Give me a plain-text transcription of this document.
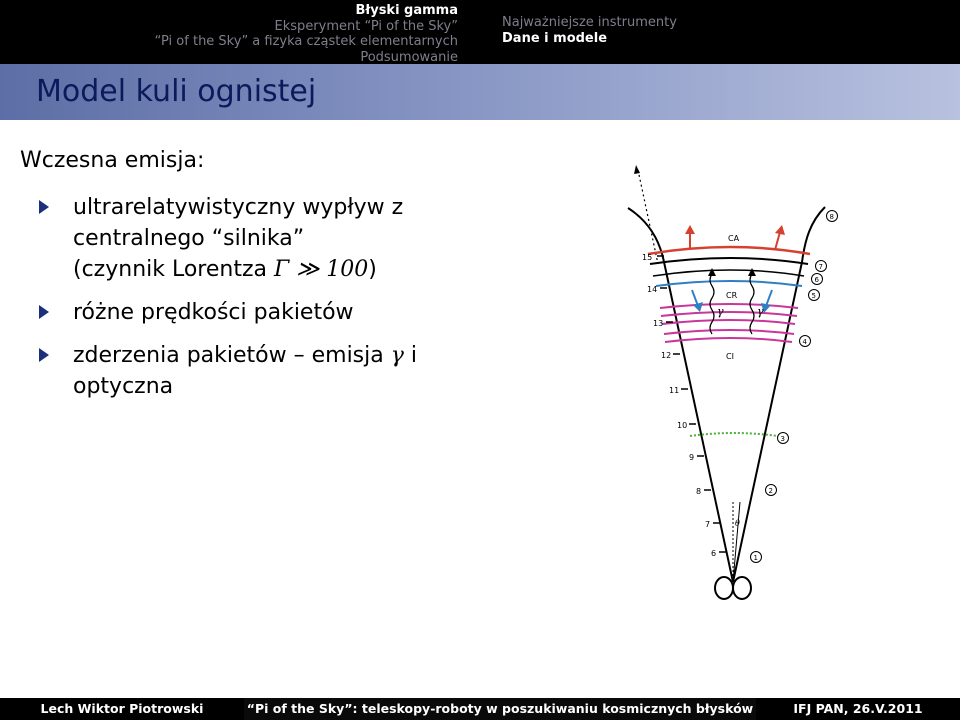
Błyski gamma
Eksperyment “Pi of the Sky”
“Pi of the Sky” a fizyka cząstek elementarnych
Podsumowanie
Najważniejsze instrumenty
Dane i modele
Model kuli ognistej
Wczesna emisja:
ultrarelatywistyczny wypływ z
centralnego “silnika”
(czynnik Lorentza Γ ≫ 100)
różne prędkości pakietów
zderzenia pakietów – emisja γ i
optyczna
CA
CR
CI
γ	γ
θ
15
14
13
12
11
10
9
8
7
6
8
7
6
5
4
3
2
1
Lech Wiktor Piotrowski	“Pi of the Sky”: teleskopy-roboty w poszukiwaniu kosmicznych błysków	IFJ PAN, 26.V.2011
